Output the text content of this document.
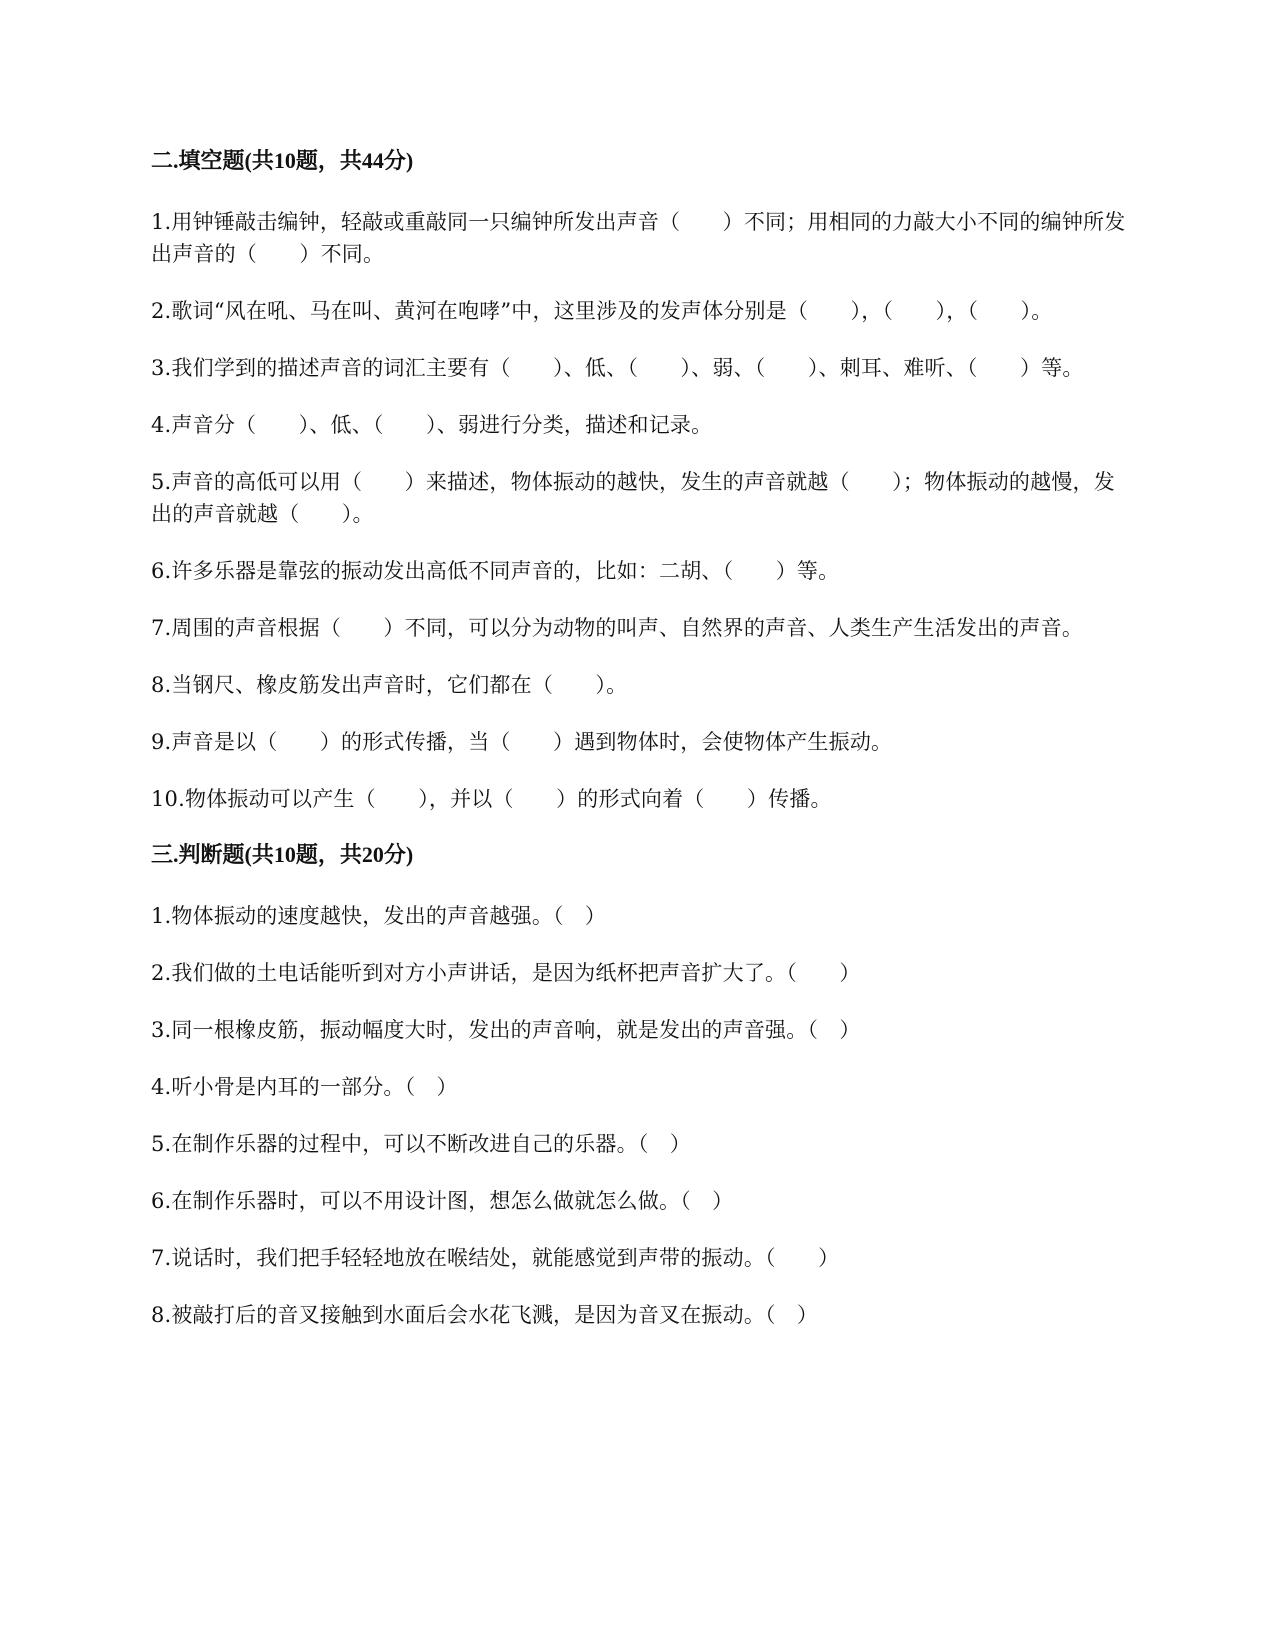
二.填空题(共10题，共44分)

1.用钟锤敲击编钟，轻敲或重敲同一只编钟所发出声音（　　）不同；用相同的力敲大小不同的编钟所发出声音的（　　）不同。

2.歌词“风在吼、马在叫、黄河在咆哮”中，这里涉及的发声体分别是（　　），（　　），（　　）。

3.我们学到的描述声音的词汇主要有（　　）、低、（　　）、弱、（　　）、刺耳、难听、（　　）等。

4.声音分（　　）、低、（　　）、弱进行分类，描述和记录。

5.声音的高低可以用（　　）来描述，物体振动的越快，发生的声音就越（　　）；物体振动的越慢，发出的声音就越（　　）。

6.许多乐器是靠弦的振动发出高低不同声音的，比如：二胡、（　　）等。

7.周围的声音根据（　　）不同，可以分为动物的叫声、自然界的声音、人类生产生活发出的声音。

8.当钢尺、橡皮筋发出声音时，它们都在（　　）。

9.声音是以（　　）的形式传播，当（　　）遇到物体时，会使物体产生振动。

10.物体振动可以产生（　　），并以（　　）的形式向着（　　）传播。

三.判断题(共10题，共20分)

1.物体振动的速度越快，发出的声音越强。（　）

2.我们做的土电话能听到对方小声讲话，是因为纸杯把声音扩大了。（　　）

3.同一根橡皮筋，振动幅度大时，发出的声音响，就是发出的声音强。（　）

4.听小骨是内耳的一部分。（　）

5.在制作乐器的过程中，可以不断改进自己的乐器。（　）

6.在制作乐器时，可以不用设计图，想怎么做就怎么做。（　）

7.说话时，我们把手轻轻地放在喉结处，就能感觉到声带的振动。（　　）

8.被敲打后的音叉接触到水面后会水花飞溅，是因为音叉在振动。（　）
